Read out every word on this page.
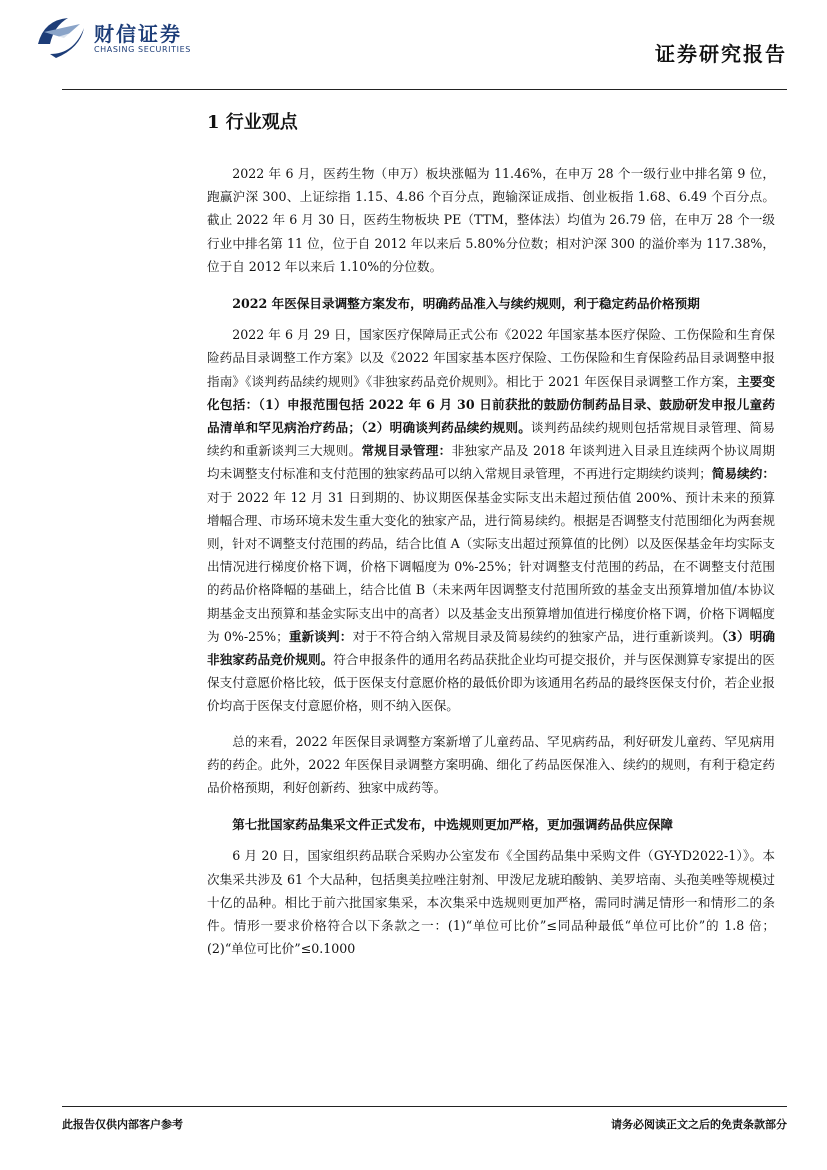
财信证券
CHASING SECURITIES	证券研究报告
1 行业观点

2022 年 6 月，医药生物（申万）板块涨幅为 11.46%，在申万 28 个一级行业中排名第 9 位，跑赢沪深 300、上证综指 1.15、4.86 个百分点，跑输深证成指、创业板指 1.68、6.49 个百分点。截止 2022 年 6 月 30 日，医药生物板块 PE（TTM，整体法）均值为 26.79 倍，在申万 28 个一级行业中排名第 11 位，位于自 2012 年以来后 5.80%分位数；相对沪深 300 的溢价率为 117.38%，位于自 2012 年以来后 1.10%的分位数。

2022 年医保目录调整方案发布，明确药品准入与续约规则，利于稳定药品价格预期

2022 年 6 月 29 日，国家医疗保障局正式公布《2022 年国家基本医疗保险、工伤保险和生育保险药品目录调整工作方案》以及《2022 年国家基本医疗保险、工伤保险和生育保险药品目录调整申报指南》《谈判药品续约规则》《非独家药品竞价规则》。相比于 2021 年医保目录调整工作方案，主要变化包括：（1）申报范围包括 2022 年 6 月 30 日前获批的鼓励仿制药品目录、鼓励研发申报儿童药品清单和罕见病治疗药品；（2）明确谈判药品续约规则。谈判药品续约规则包括常规目录管理、简易续约和重新谈判三大规则。常规目录管理：非独家产品及 2018 年谈判进入目录且连续两个协议周期均未调整支付标准和支付范围的独家药品可以纳入常规目录管理，不再进行定期续约谈判；简易续约：对于 2022 年 12 月 31 日到期的、协议期医保基金实际支出未超过预估值 200%、预计未来的预算增幅合理、市场环境未发生重大变化的独家产品，进行简易续约。根据是否调整支付范围细化为两套规则，针对不调整支付范围的药品，结合比值 A（实际支出超过预算值的比例）以及医保基金年均实际支出情况进行梯度价格下调，价格下调幅度为 0%-25%；针对调整支付范围的药品，在不调整支付范围的药品价格降幅的基础上，结合比值 B（未来两年因调整支付范围所致的基金支出预算增加值/本协议期基金支出预算和基金实际支出中的高者）以及基金支出预算增加值进行梯度价格下调，价格下调幅度为 0%-25%；重新谈判：对于不符合纳入常规目录及简易续约的独家产品，进行重新谈判。（3）明确非独家药品竞价规则。符合申报条件的通用名药品获批企业均可提交报价，并与医保测算专家提出的医保支付意愿价格比较，低于医保支付意愿价格的最低价即为该通用名药品的最终医保支付价，若企业报价均高于医保支付意愿价格，则不纳入医保。

总的来看，2022 年医保目录调整方案新增了儿童药品、罕见病药品，利好研发儿童药、罕见病用药的药企。此外，2022 年医保目录调整方案明确、细化了药品医保准入、续约的规则，有利于稳定药品价格预期，利好创新药、独家中成药等。

第七批国家药品集采文件正式发布，中选规则更加严格，更加强调药品供应保障

6 月 20 日，国家组织药品联合采购办公室发布《全国药品集中采购文件（GY-YD2022-1）》。本次集采共涉及 61 个大品种，包括奥美拉唑注射剂、甲泼尼龙琥珀酸钠、美罗培南、头孢美唑等规模过十亿的品种。相比于前六批国家集采，本次集采中选规则更加严格，需同时满足情形一和情形二的条件。情形一要求价格符合以下条款之一：(1)“单位可比价”≤同品种最低“单位可比价”的 1.8 倍；(2)“单位可比价”≤0.1000

此报告仅供内部客户参考	请务必阅读正文之后的免责条款部分
